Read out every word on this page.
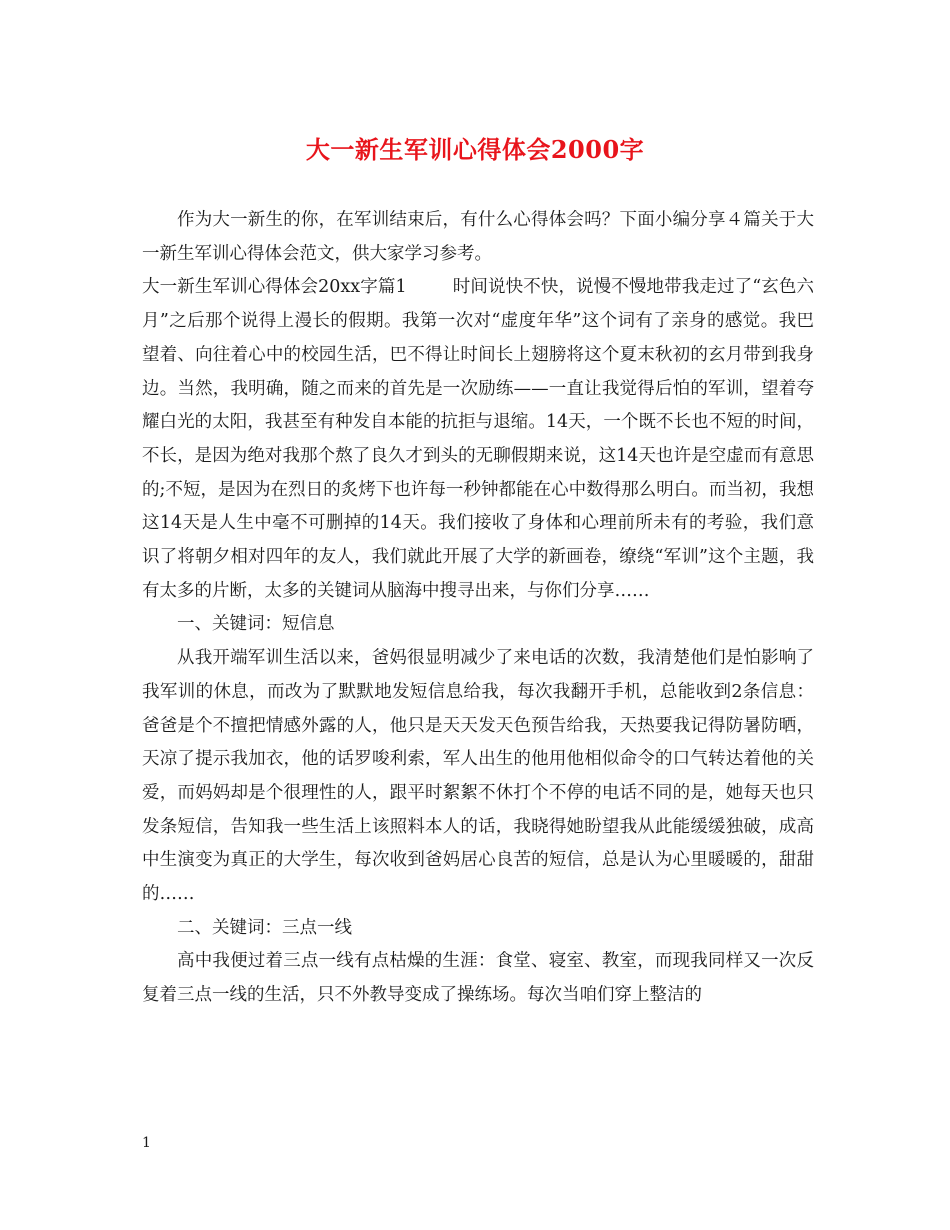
大一新生军训心得体会2000字

作为大一新生的你，在军训结束后，有什么心得体会吗？下面小编分享４篇关于大一新生军训心得体会范文，供大家学习参考。

大一新生军训心得体会20xx字篇1	时间说快不快，说慢不慢地带我走过了“玄色六月”之后那个说得上漫长的假期。我第一次对“虚度年华”这个词有了亲身的感觉。我巴望着、向往着心中的校园生活，巴不得让时间长上翅膀将这个夏末秋初的玄月带到我身边。当然，我明确，随之而来的首先是一次励练——一直让我觉得后怕的军训，望着夸耀白光的太阳，我甚至有种发自本能的抗拒与退缩。14天，一个既不长也不短的时间，不长，是因为绝对我那个熬了良久才到头的无聊假期来说，这14天也许是空虚而有意思的;不短，是因为在烈日的炙烤下也许每一秒钟都能在心中数得那么明白。而当初，我想这14天是人生中毫不可删掉的14天。我们接收了身体和心理前所未有的考验，我们意识了将朝夕相对四年的友人，我们就此开展了大学的新画卷，缭绕“军训”这个主题，我有太多的片断，太多的关键词从脑海中搜寻出来，与你们分享……

一、关键词：短信息

从我开端军训生活以来，爸妈很显明减少了来电话的次数，我清楚他们是怕影响了我军训的休息，而改为了默默地发短信息给我，每次我翻开手机，总能收到2条信息：爸爸是个不擅把情感外露的人，他只是天天发天色预告给我，天热要我记得防暑防晒，天凉了提示我加衣，他的话罗唆利索，军人出生的他用他相似命令的口气转达着他的关爱，而妈妈却是个很理性的人，跟平时絮絮不休打个不停的电话不同的是，她每天也只发条短信，告知我一些生活上该照料本人的话，我晓得她盼望我从此能缓缓独破，成高中生演变为真正的大学生，每次收到爸妈居心良苦的短信，总是认为心里暖暖的，甜甜的……

二、关键词：三点一线

高中我便过着三点一线有点枯燥的生涯：食堂、寝室、教室，而现我同样又一次反复着三点一线的生活，只不外教导变成了操练场。每次当咱们穿上整洁的

1
